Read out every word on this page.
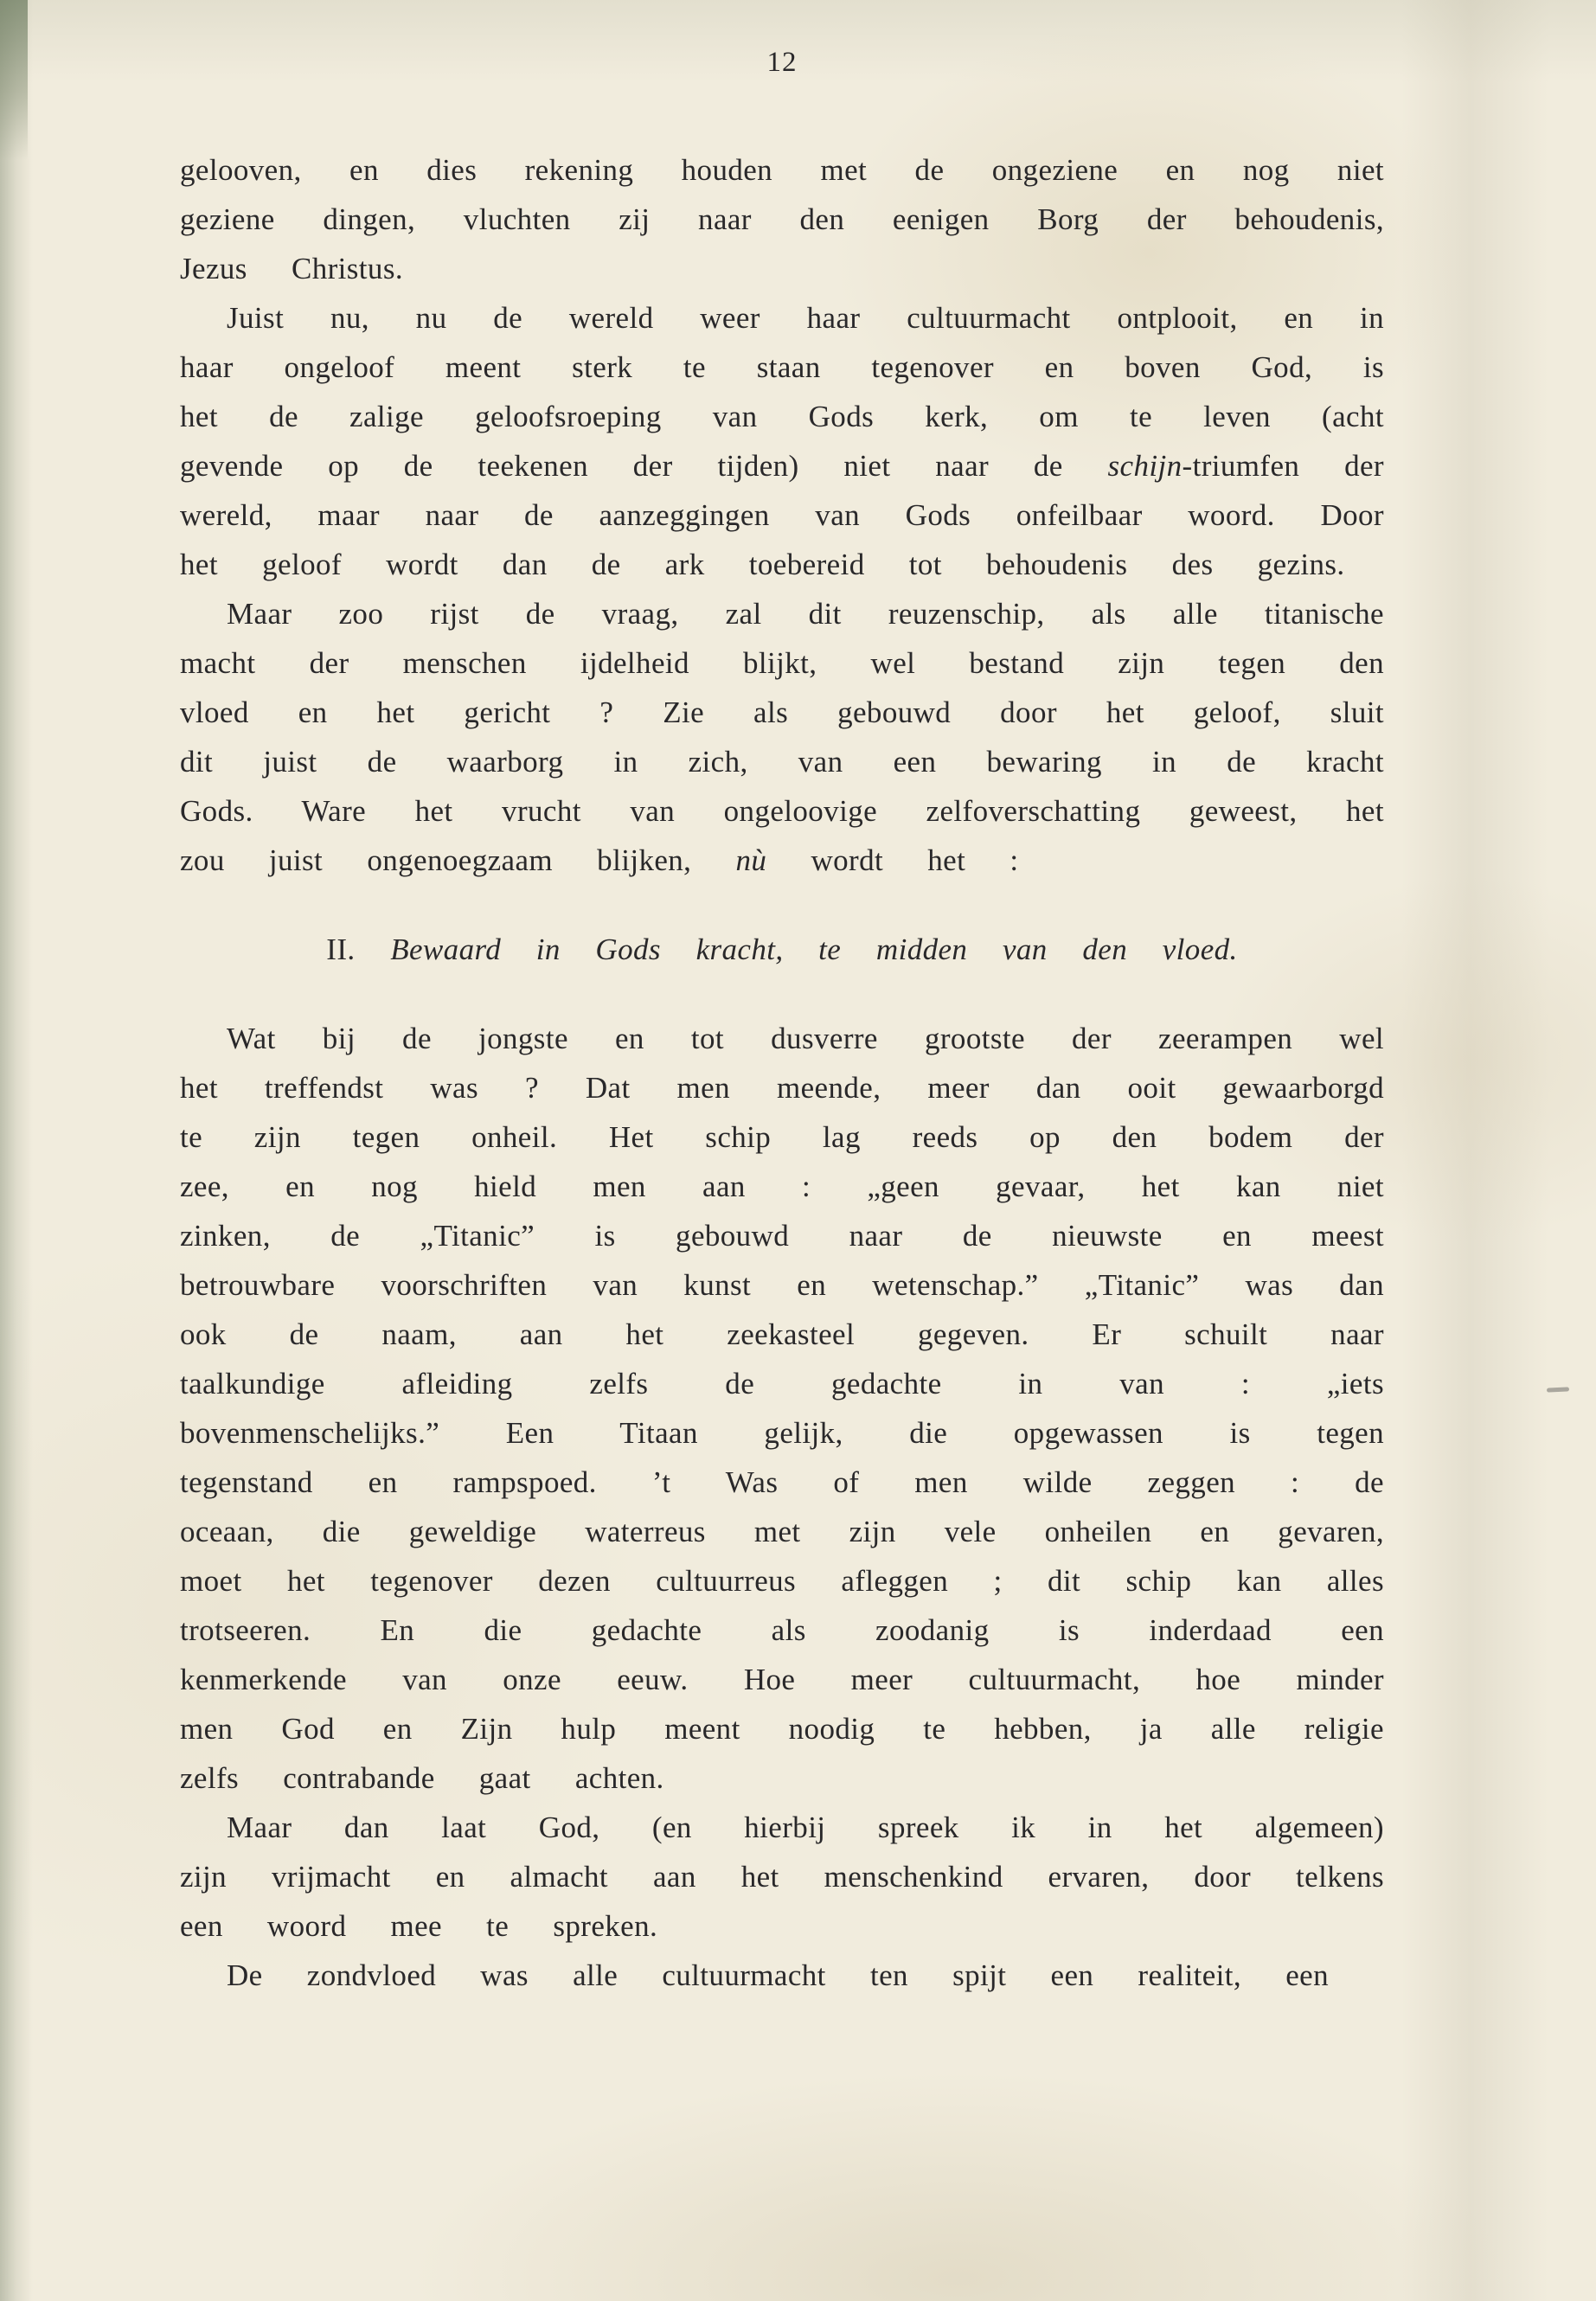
12

gelooven, en dies rekening houden met de ongeziene en nog niet geziene dingen, vluchten zij naar den eenigen Borg der behoudenis, Jezus Christus.

Juist nu, nu de wereld weer haar cultuurmacht ontplooit, en in haar ongeloof meent sterk te staan tegenover en boven God, is het de zalige geloofsroeping van Gods kerk, om te leven (acht gevende op de teekenen der tijden) niet naar de schijn-triumfen der wereld, maar naar de aanzeggingen van Gods onfeilbaar woord. Door het geloof wordt dan de ark toebereid tot behoudenis des gezins.

Maar zoo rijst de vraag, zal dit reuzenschip, als alle titanische macht der menschen ijdelheid blijkt, wel bestand zijn tegen den vloed en het gericht ? Zie als gebouwd door het geloof, sluit dit juist de waarborg in zich, van een bewaring in de kracht Gods. Ware het vrucht van ongeloovige zelfoverschatting geweest, het zou juist ongenoegzaam blijken, nù wordt het :

II. Bewaard in Gods kracht, te midden van den vloed.

Wat bij de jongste en tot dusverre grootste der zeerampen wel het treffendst was ? Dat men meende, meer dan ooit gewaarborgd te zijn tegen onheil. Het schip lag reeds op den bodem der zee, en nog hield men aan : „geen gevaar, het kan niet zinken, de „Titanic” is gebouwd naar de nieuwste en meest betrouwbare voorschriften van kunst en wetenschap.” „Titanic” was dan ook de naam, aan het zeekasteel gegeven. Er schuilt naar taalkundige afleiding zelfs de gedachte in van : „iets bovenmenschelijks.” Een Titaan gelijk, die opgewassen is tegen tegenstand en rampspoed. ’t Was of men wilde zeggen : de oceaan, die geweldige waterreus met zijn vele onheilen en gevaren, moet het tegenover dezen cultuurreus afleggen ; dit schip kan alles trotseeren. En die gedachte als zoodanig is inderdaad een kenmerkende van onze eeuw. Hoe meer cultuurmacht, hoe minder men God en Zijn hulp meent noodig te hebben, ja alle religie zelfs contrabande gaat achten.

Maar dan laat God, (en hierbij spreek ik in het algemeen) zijn vrijmacht en almacht aan het menschenkind ervaren, door telkens een woord mee te spreken.

De zondvloed was alle cultuurmacht ten spijt een realiteit, een
